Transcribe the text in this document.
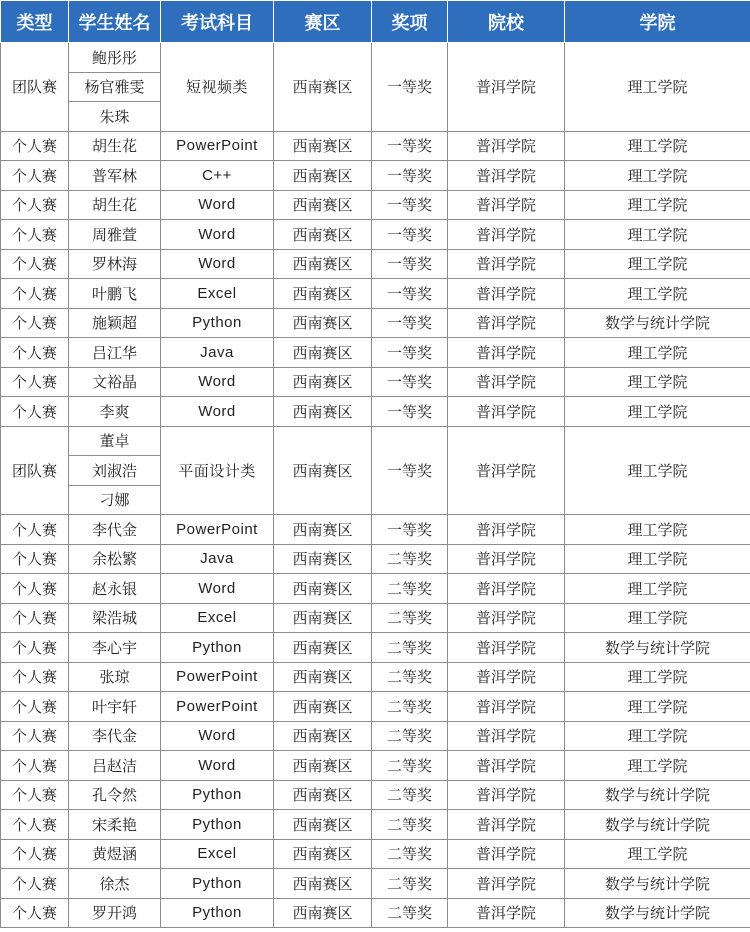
类型	学生姓名	考试科目	赛区	奖项	院校	学院
团队赛	鲍彤彤	短视频类	西南赛区	一等奖	普洱学院	理工学院
	杨官雅雯					
	朱珠					
个人赛	胡生花	PowerPoint	西南赛区	一等奖	普洱学院	理工学院
个人赛	普军林	C++	西南赛区	一等奖	普洱学院	理工学院
个人赛	胡生花	Word	西南赛区	一等奖	普洱学院	理工学院
个人赛	周雅萱	Word	西南赛区	一等奖	普洱学院	理工学院
个人赛	罗林海	Word	西南赛区	一等奖	普洱学院	理工学院
个人赛	叶鹏飞	Excel	西南赛区	一等奖	普洱学院	理工学院
个人赛	施颖超	Python	西南赛区	一等奖	普洱学院	数学与统计学院
个人赛	吕江华	Java	西南赛区	一等奖	普洱学院	理工学院
个人赛	文裕晶	Word	西南赛区	一等奖	普洱学院	理工学院
个人赛	李爽	Word	西南赛区	一等奖	普洱学院	理工学院
团队赛	董卓	平面设计类	西南赛区	一等奖	普洱学院	理工学院
	刘淑浩					
	刁娜					
个人赛	李代金	PowerPoint	西南赛区	一等奖	普洱学院	理工学院
个人赛	余松繁	Java	西南赛区	二等奖	普洱学院	理工学院
个人赛	赵永银	Word	西南赛区	二等奖	普洱学院	理工学院
个人赛	梁浩城	Excel	西南赛区	二等奖	普洱学院	理工学院
个人赛	李心宇	Python	西南赛区	二等奖	普洱学院	数学与统计学院
个人赛	张琼	PowerPoint	西南赛区	二等奖	普洱学院	理工学院
个人赛	叶宇轩	PowerPoint	西南赛区	二等奖	普洱学院	理工学院
个人赛	李代金	Word	西南赛区	二等奖	普洱学院	理工学院
个人赛	吕赵洁	Word	西南赛区	二等奖	普洱学院	理工学院
个人赛	孔令然	Python	西南赛区	二等奖	普洱学院	数学与统计学院
个人赛	宋柔艳	Python	西南赛区	二等奖	普洱学院	数学与统计学院
个人赛	黄煜涵	Excel	西南赛区	二等奖	普洱学院	理工学院
个人赛	徐杰	Python	西南赛区	二等奖	普洱学院	数学与统计学院
个人赛	罗开鸿	Python	西南赛区	二等奖	普洱学院	数学与统计学院
